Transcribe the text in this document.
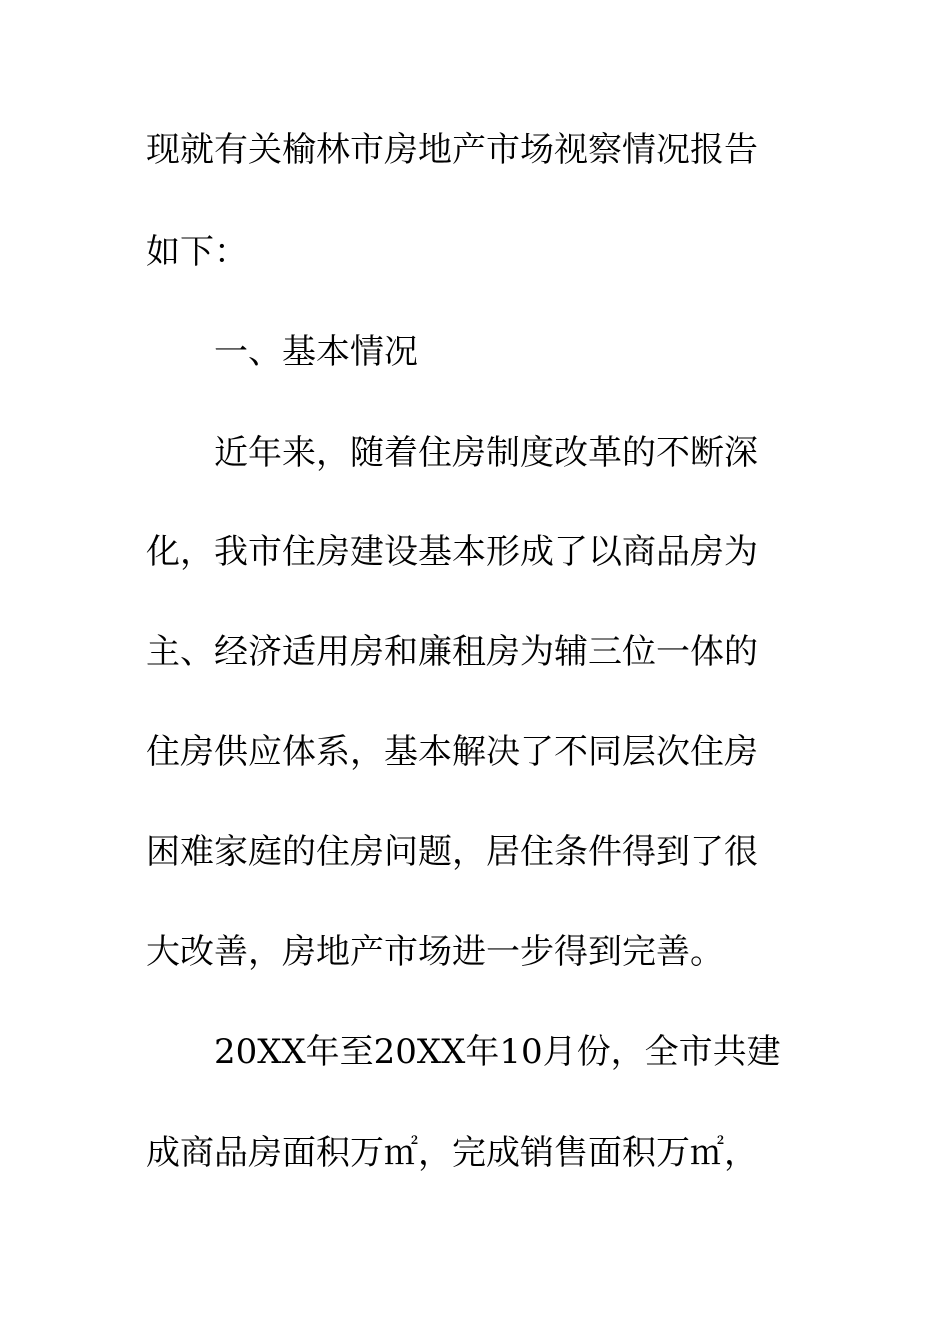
现就有关榆林市房地产市场视察情况报告

如下：

一、基本情况

近年来，随着住房制度改革的不断深

化，我市住房建设基本形成了以商品房为

主、经济适用房和廉租房为辅三位一体的

住房供应体系，基本解决了不同层次住房

困难家庭的住房问题，居住条件得到了很

大改善，房地产市场进一步得到完善。

20XX年至20XX年10月份，全市共建

成商品房面积万㎡，完成销售面积万㎡，
